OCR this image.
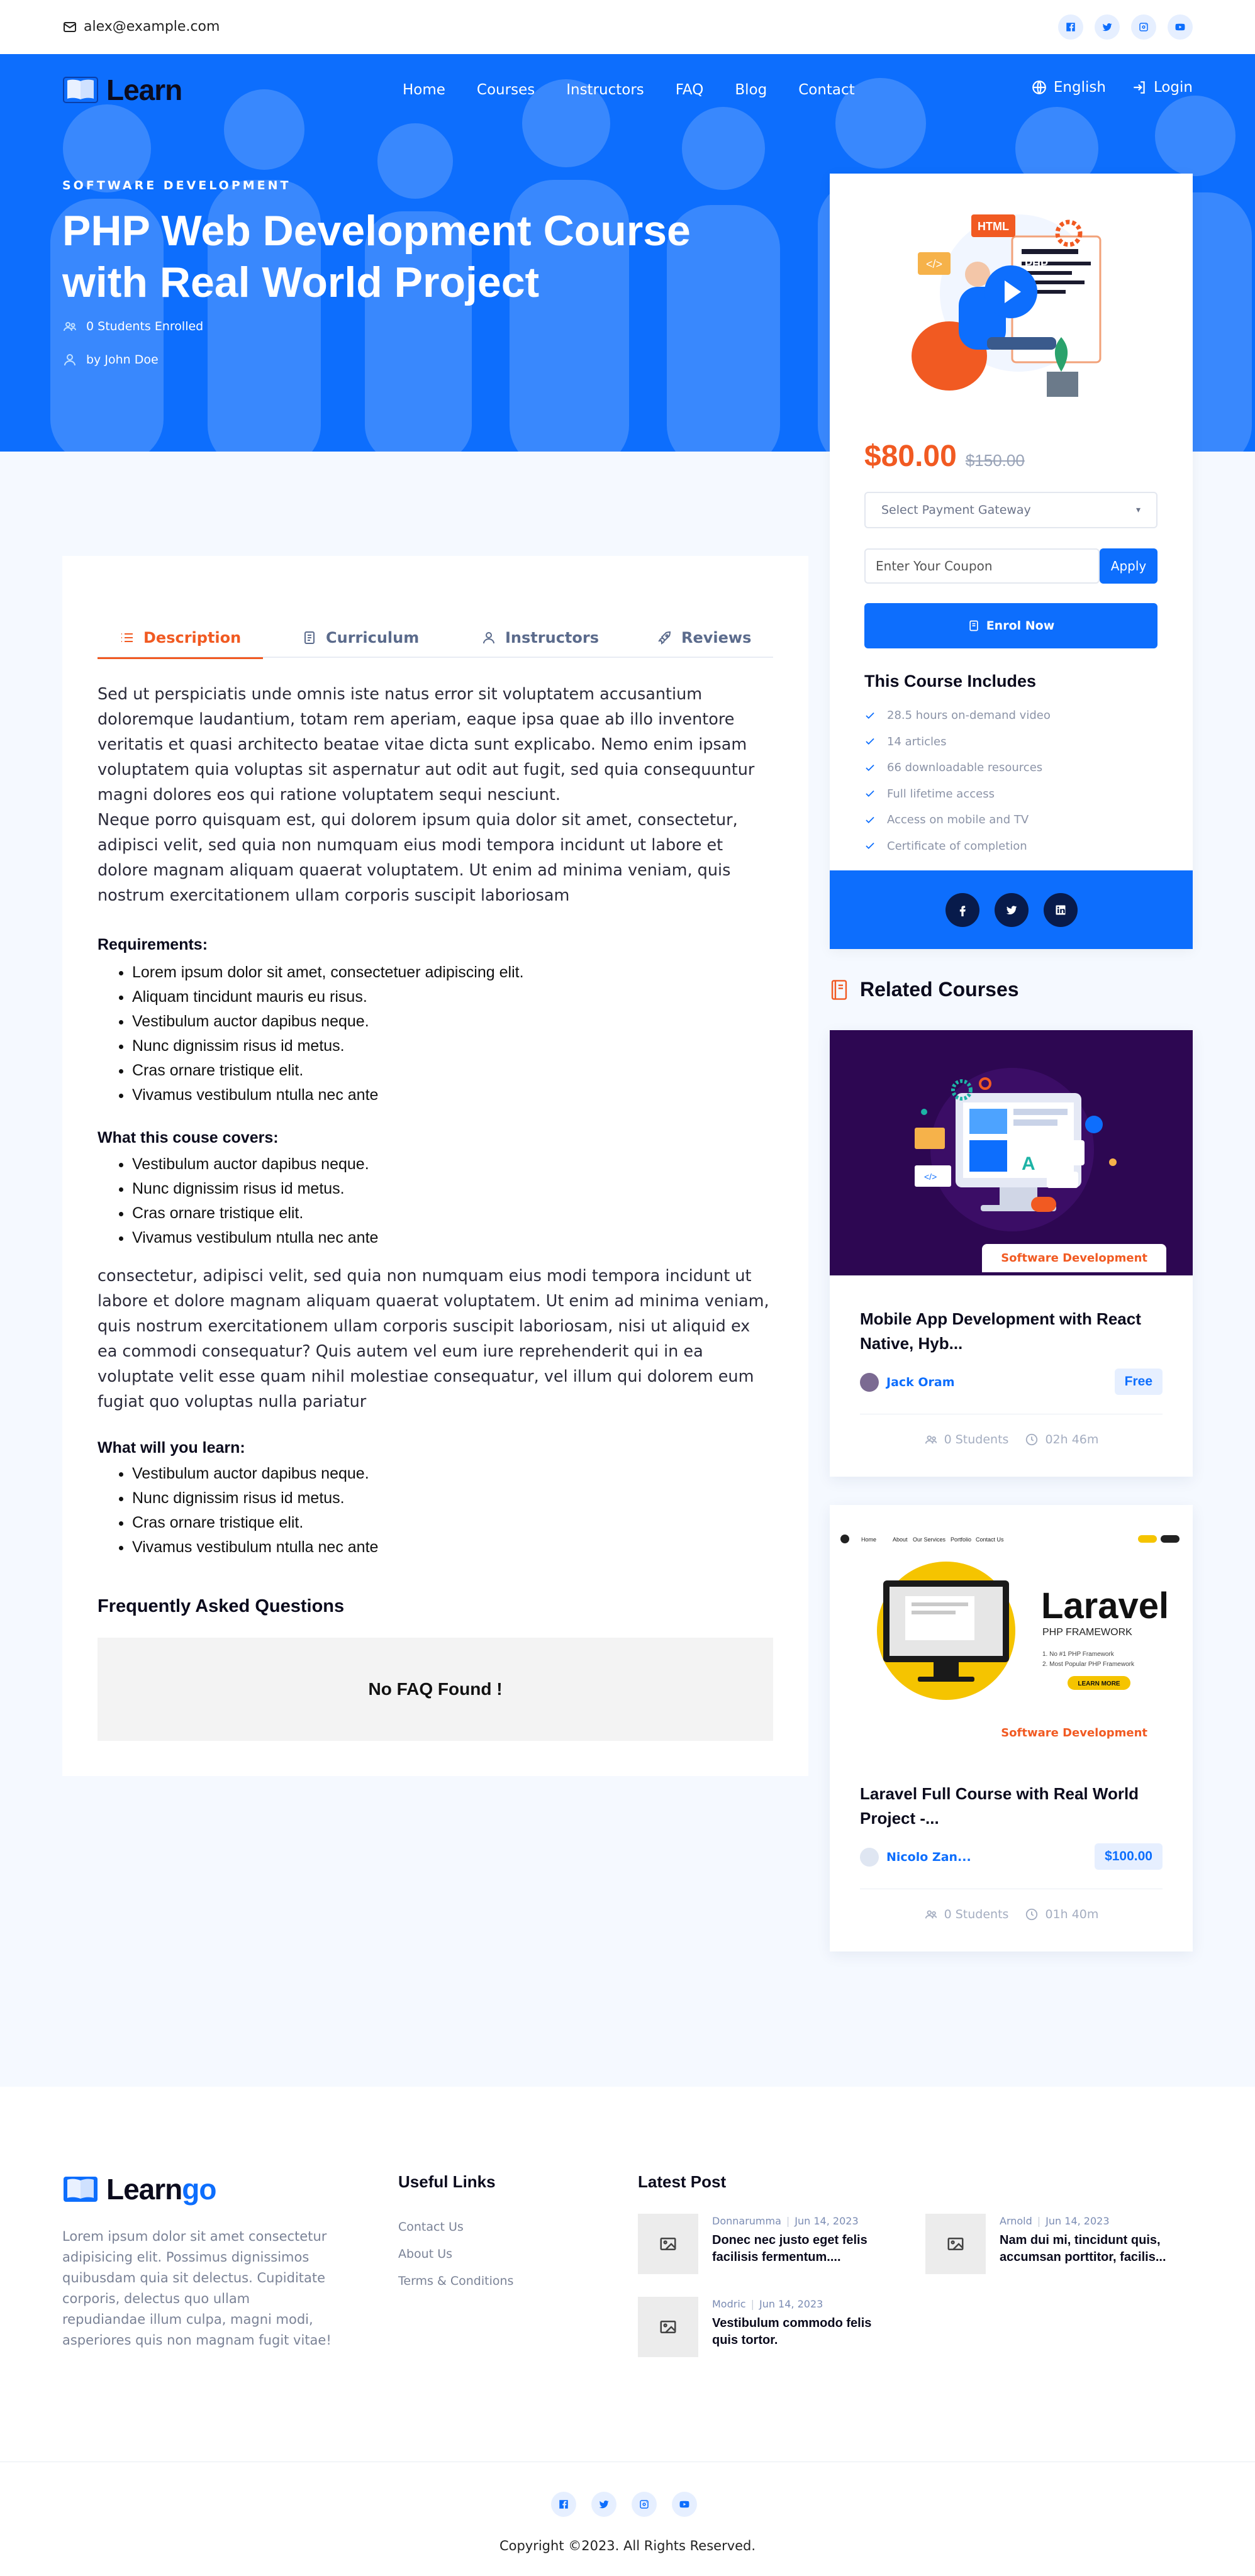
alex@example.com
Learn	Home Courses Instructors FAQ Blog Contact	English	Login
SOFTWARE DEVELOPMENT
PHP Web Development Course with Real World Project
0 Students Enrolled
by John Doe
HTML
</>	PHP
$80.00 $150.00
Select Payment Gateway	▾
Enter Your Coupon	Apply
Enrol Now
This Course Includes
28.5 hours on-demand video
14 articles
66 downloadable resources
Full lifetime access
Access on mobile and TV
Certificate of completion
Description	Curriculum	Instructors	Reviews
Sed ut perspiciatis unde omnis iste natus error sit voluptatem accusantium doloremque laudantium, totam rem aperiam, eaque ipsa quae ab illo inventore veritatis et quasi architecto beatae vitae dicta sunt explicabo. Nemo enim ipsam voluptatem quia voluptas sit aspernatur aut odit aut fugit, sed quia consequuntur magni dolores eos qui ratione voluptatem sequi nesciunt.
Neque porro quisquam est, qui dolorem ipsum quia dolor sit amet, consectetur, adipisci velit, sed quia non numquam eius modi tempora incidunt ut labore et dolore magnam aliquam quaerat voluptatem. Ut enim ad minima veniam, quis nostrum exercitationem ullam corporis suscipit laboriosam
Requirements:
• Lorem ipsum dolor sit amet, consectetuer adipiscing elit.
• Aliquam tincidunt mauris eu risus.
• Vestibulum auctor dapibus neque.
• Nunc dignissim risus id metus.
• Cras ornare tristique elit.
• Vivamus vestibulum ntulla nec ante
What this couse covers:
• Vestibulum auctor dapibus neque.
• Nunc dignissim risus id metus.
• Cras ornare tristique elit.
• Vivamus vestibulum ntulla nec ante
consectetur, adipisci velit, sed quia non numquam eius modi tempora incidunt ut labore et dolore magnam aliquam quaerat voluptatem. Ut enim ad minima veniam, quis nostrum exercitationem ullam corporis suscipit laboriosam, nisi ut aliquid ex ea commodi consequatur? Quis autem vel eum iure reprehenderit qui in ea voluptate velit esse quam nihil molestiae consequatur, vel illum qui dolorem eum fugiat quo voluptas nulla pariatur
What will you learn:
• Vestibulum auctor dapibus neque.
• Nunc dignissim risus id metus.
• Cras ornare tristique elit.
• Vivamus vestibulum ntulla nec ante
Frequently Asked Questions
No FAQ Found !
Related Courses
A
</>
Software Development
Mobile App Development with React Native, Hyb...
Jack Oram	Free
0 Students	02h 46m
Home	About Our Services Portfolio Contact Us
Laravel
PHP FRAMEWORK
1. No #1 PHP Framework
2. Most Popular PHP Framework
LEARN MORE
Software Development
Laravel Full Course with Real World Project -...
Nicolo Zan...	$100.00
0 Students	01h 40m
Learngo
Lorem ipsum dolor sit amet consectetur adipisicing elit. Possimus dignissimos quibusdam quia sit delectus. Cupiditate corporis, delectus quo ullam repudiandae illum culpa, magni modi, asperiores quis non magnam fugit vitae!
Useful Links
Contact Us
About Us
Terms & Conditions
Latest Post
Donnarumma | Jun 14, 2023
Donec nec justo eget felis facilisis fermentum....
Arnold | Jun 14, 2023
Nam dui mi, tincidunt quis, accumsan porttitor, facilis...
Modric | Jun 14, 2023
Vestibulum commodo felis quis tortor.
Copyright ©2023. All Rights Reserved.
